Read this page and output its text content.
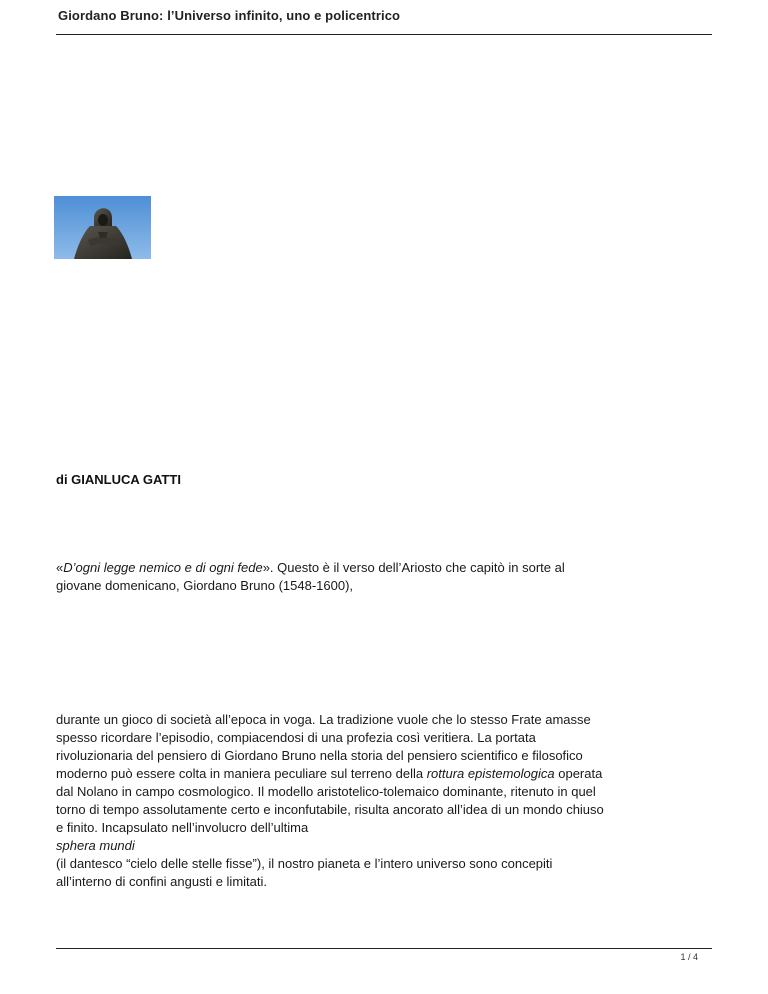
Giordano Bruno: l’Universo infinito, uno e policentrico
di GIANLUCA GATTI
«D’ogni legge nemico e di ogni fede». Questo è il verso dell’Ariosto che capitò in sorte al
giovane domenicano, Giordano Bruno (1548-1600),
durante un gioco di società all’epoca in voga. La tradizione vuole che lo stesso Frate amasse
spesso ricordare l’episodio, compiacendosi di una profezia così veritiera. La portata
rivoluzionaria del pensiero di Giordano Bruno nella storia del pensiero scientifico e filosofico
moderno può essere colta in maniera peculiare sul terreno della rottura epistemologica operata
dal Nolano in campo cosmologico. Il modello aristotelico-tolemaico dominante, ritenuto in quel
torno di tempo assolutamente certo e inconfutabile, risulta ancorato all’idea di un mondo chiuso
e finito. Incapsulato nell’involucro dell’ultima
sphera mundi
(il dantesco “cielo delle stelle fisse”), il nostro pianeta e l’intero universo sono concepiti
all’interno di confini angusti e limitati.
1 / 4
